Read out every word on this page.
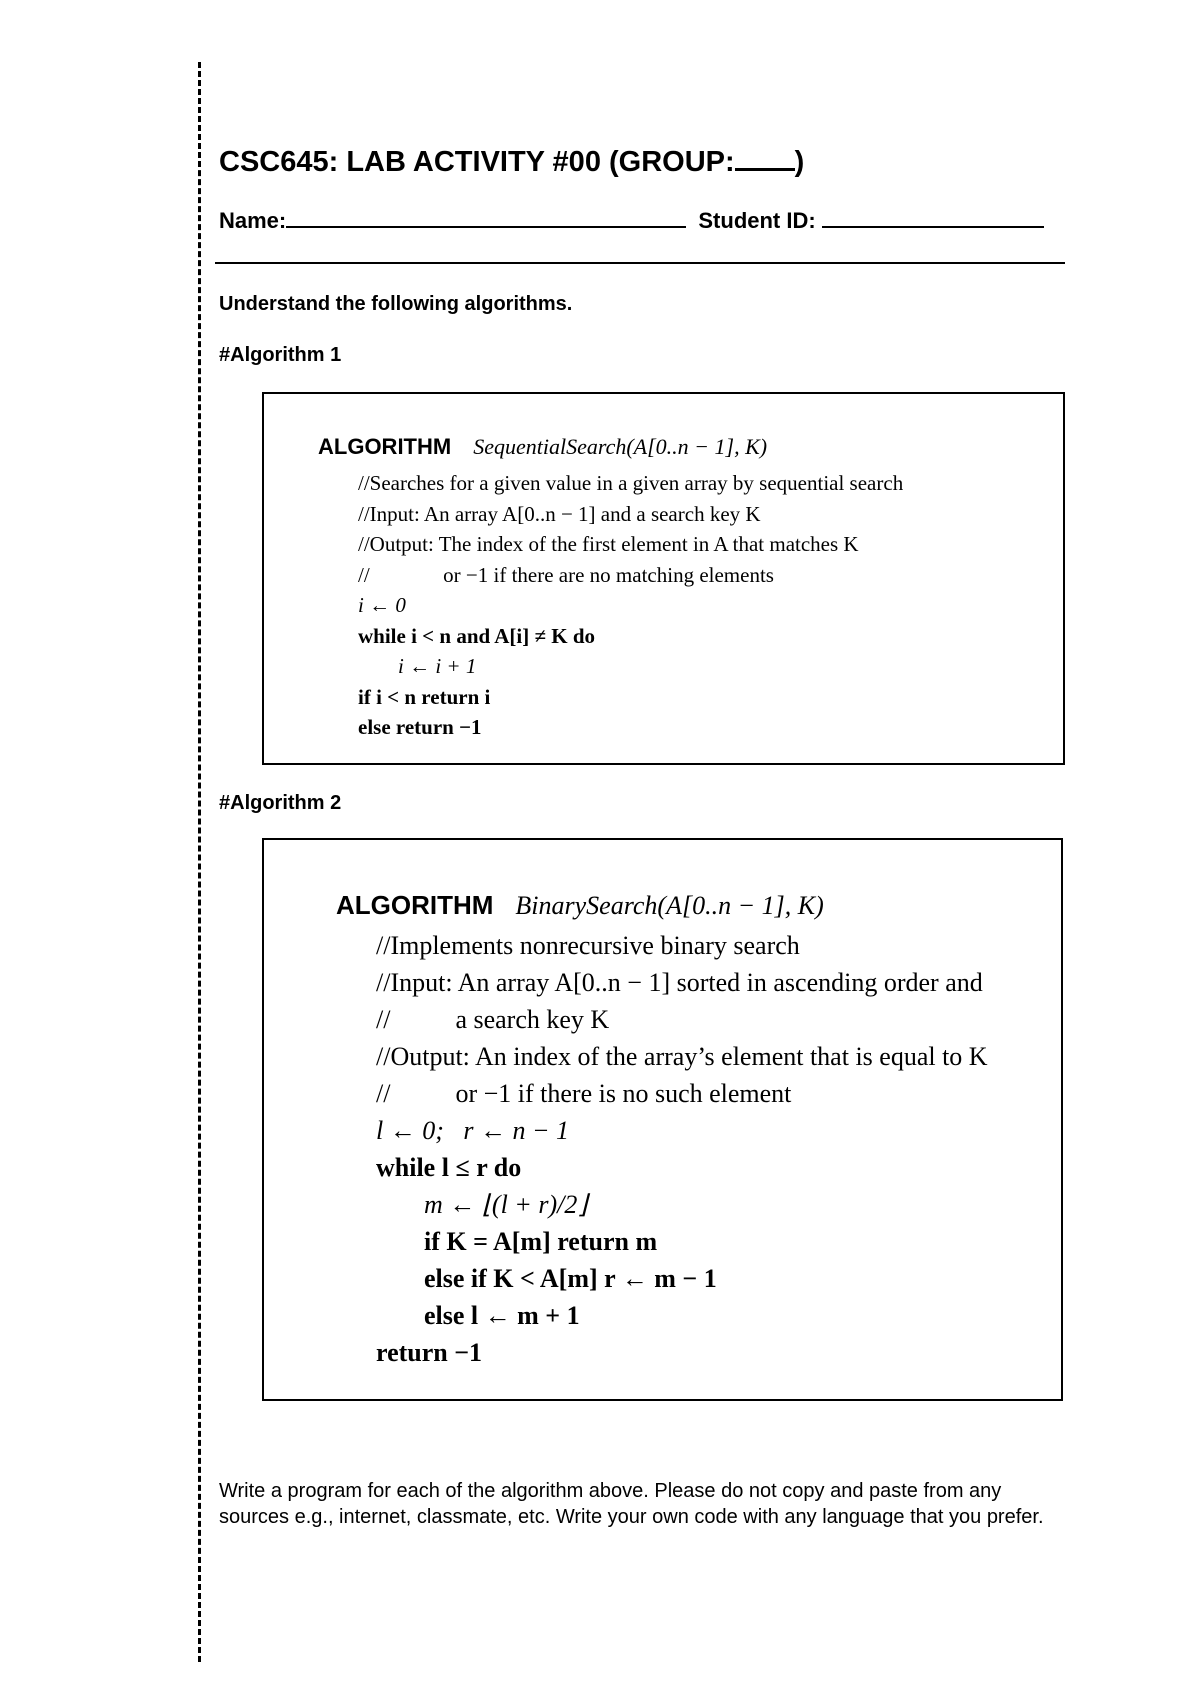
CSC645: LAB ACTIVITY #00 (GROUP: )
Name:	Student ID:
Understand the following algorithms.
#Algorithm 1
ALGORITHM SequentialSearch(A[0..n − 1], K)
//Searches for a given value in a given array by sequential search
//Input: An array A[0..n − 1] and a search key K
//Output: The index of the first element in A that matches K
//              or −1 if there are no matching elements
i ← 0
while i < n and A[i] ≠ K do
i ← i + 1
if i < n return i
else return −1
#Algorithm 2
ALGORITHM BinarySearch(A[0..n − 1], K)
//Implements nonrecursive binary search
//Input: An array A[0..n − 1] sorted in ascending order and
//          a search key K
//Output: An index of the array’s element that is equal to K
//          or −1 if there is no such element
l ← 0;   r ← n − 1
while l ≤ r do
m ← ⌊(l + r)/2⌋
if K = A[m] return m
else if K < A[m] r ← m − 1
else l ← m + 1
return −1
Write a program for each of the algorithm above. Please do not copy and paste from any sources e.g., internet, classmate, etc. Write your own code with any language that you prefer.
